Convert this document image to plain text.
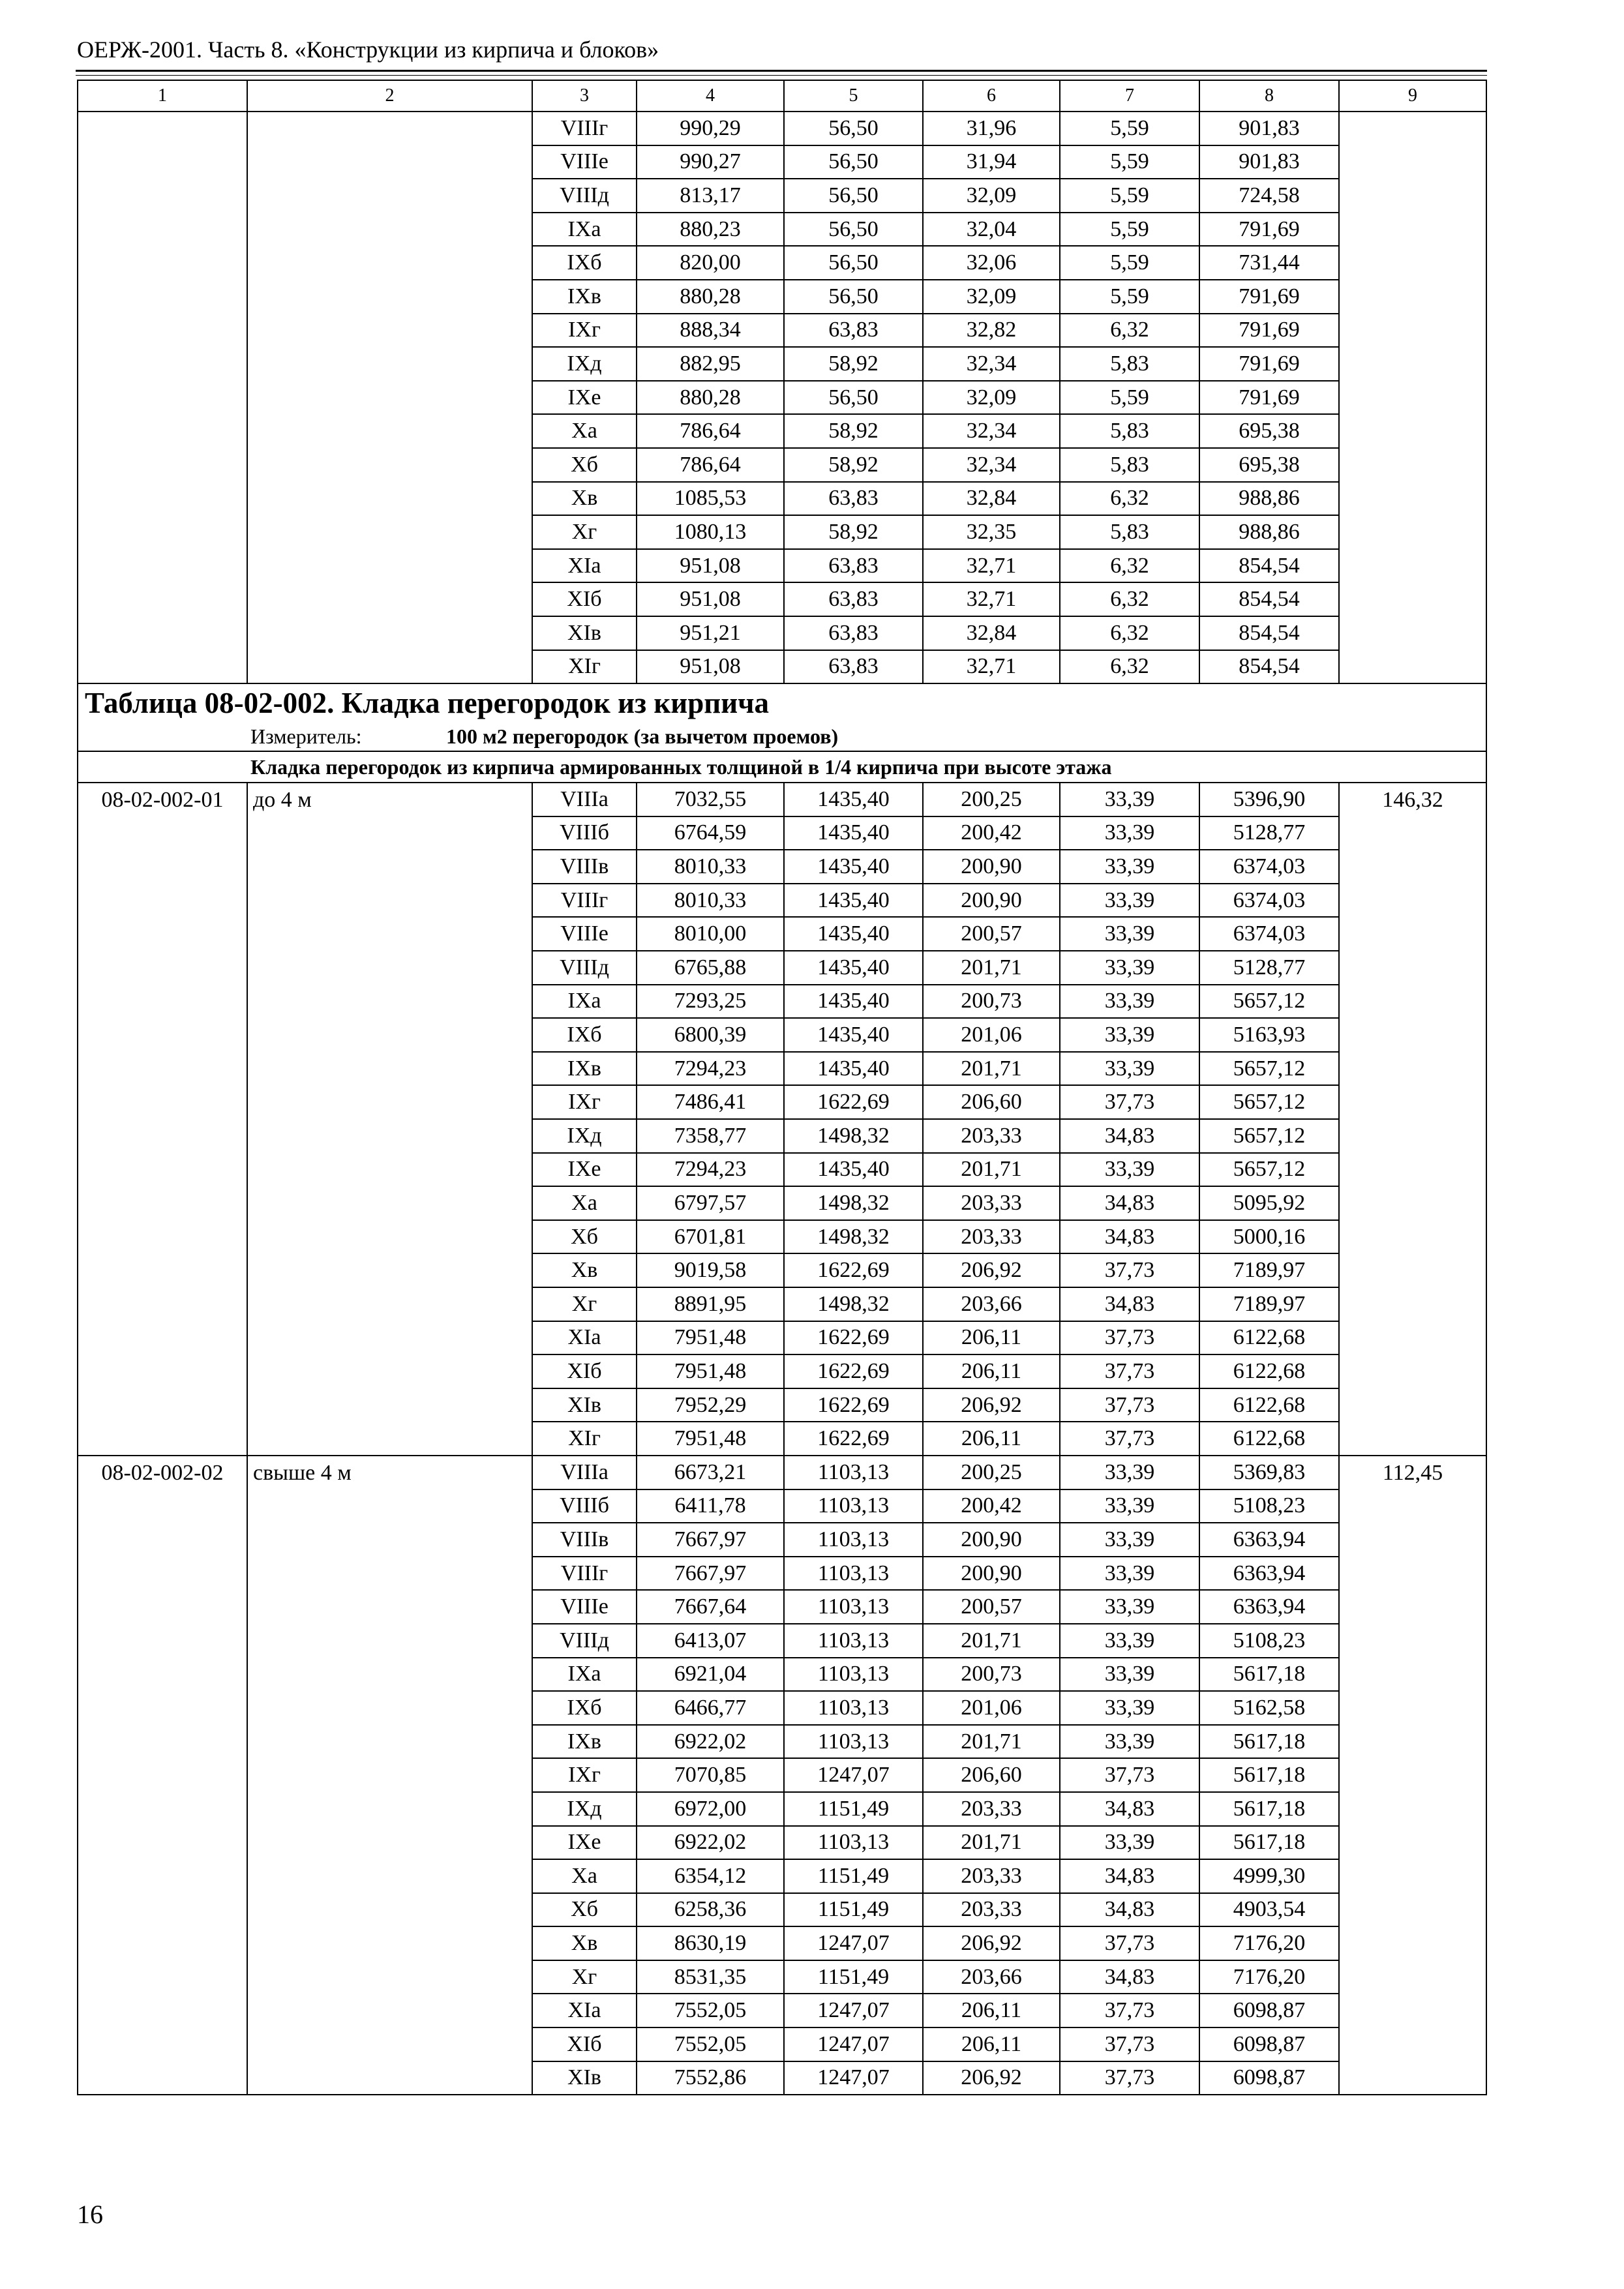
ОЕРЖ-2001. Часть 8. «Конструкции из кирпича и блоков»
1	2	3	4	5	6	7	8	9
		VIIIг	990,29	56,50	31,96	5,59	901,83	
		VIIIе	990,27	56,50	31,94	5,59	901,83	
		VIIIд	813,17	56,50	32,09	5,59	724,58	
		IXа	880,23	56,50	32,04	5,59	791,69	
		IXб	820,00	56,50	32,06	5,59	731,44	
		IXв	880,28	56,50	32,09	5,59	791,69	
		IXг	888,34	63,83	32,82	6,32	791,69	
		IXд	882,95	58,92	32,34	5,83	791,69	
		IXе	880,28	56,50	32,09	5,59	791,69	
		Xа	786,64	58,92	32,34	5,83	695,38	
		Xб	786,64	58,92	32,34	5,83	695,38	
		Xв	1085,53	63,83	32,84	6,32	988,86	
		Xг	1080,13	58,92	32,35	5,83	988,86	
		XIа	951,08	63,83	32,71	6,32	854,54	
		XIб	951,08	63,83	32,71	6,32	854,54	
		XIв	951,21	63,83	32,84	6,32	854,54	
		XIг	951,08	63,83	32,71	6,32	854,54	
Таблица 08-02-002. Кладка перегородок из кирпича								
Измеритель: 100 м2 перегородок (за вычетом проемов)								
Кладка перегородок из кирпича армированных толщиной в 1/4 кирпича при высоте этажа								
08-02-002-01	до 4 м	VIIIа	7032,55	1435,40	200,25	33,39	5396,90	146,32
		VIIIб	6764,59	1435,40	200,42	33,39	5128,77	
		VIIIв	8010,33	1435,40	200,90	33,39	6374,03	
		VIIIг	8010,33	1435,40	200,90	33,39	6374,03	
		VIIIе	8010,00	1435,40	200,57	33,39	6374,03	
		VIIIд	6765,88	1435,40	201,71	33,39	5128,77	
		IXа	7293,25	1435,40	200,73	33,39	5657,12	
		IXб	6800,39	1435,40	201,06	33,39	5163,93	
		IXв	7294,23	1435,40	201,71	33,39	5657,12	
		IXг	7486,41	1622,69	206,60	37,73	5657,12	
		IXд	7358,77	1498,32	203,33	34,83	5657,12	
		IXе	7294,23	1435,40	201,71	33,39	5657,12	
		Xа	6797,57	1498,32	203,33	34,83	5095,92	
		Xб	6701,81	1498,32	203,33	34,83	5000,16	
		Xв	9019,58	1622,69	206,92	37,73	7189,97	
		Xг	8891,95	1498,32	203,66	34,83	7189,97	
		XIа	7951,48	1622,69	206,11	37,73	6122,68	
		XIб	7951,48	1622,69	206,11	37,73	6122,68	
		XIв	7952,29	1622,69	206,92	37,73	6122,68	
		XIг	7951,48	1622,69	206,11	37,73	6122,68	
08-02-002-02	свыше 4 м	VIIIа	6673,21	1103,13	200,25	33,39	5369,83	112,45
		VIIIб	6411,78	1103,13	200,42	33,39	5108,23	
		VIIIв	7667,97	1103,13	200,90	33,39	6363,94	
		VIIIг	7667,97	1103,13	200,90	33,39	6363,94	
		VIIIе	7667,64	1103,13	200,57	33,39	6363,94	
		VIIIд	6413,07	1103,13	201,71	33,39	5108,23	
		IXа	6921,04	1103,13	200,73	33,39	5617,18	
		IXб	6466,77	1103,13	201,06	33,39	5162,58	
		IXв	6922,02	1103,13	201,71	33,39	5617,18	
		IXг	7070,85	1247,07	206,60	37,73	5617,18	
		IXд	6972,00	1151,49	203,33	34,83	5617,18	
		IXе	6922,02	1103,13	201,71	33,39	5617,18	
		Xа	6354,12	1151,49	203,33	34,83	4999,30	
		Xб	6258,36	1151,49	203,33	34,83	4903,54	
		Xв	8630,19	1247,07	206,92	37,73	7176,20	
		Xг	8531,35	1151,49	203,66	34,83	7176,20	
		XIа	7552,05	1247,07	206,11	37,73	6098,87	
		XIб	7552,05	1247,07	206,11	37,73	6098,87	
		XIв	7552,86	1247,07	206,92	37,73	6098,87	
16
